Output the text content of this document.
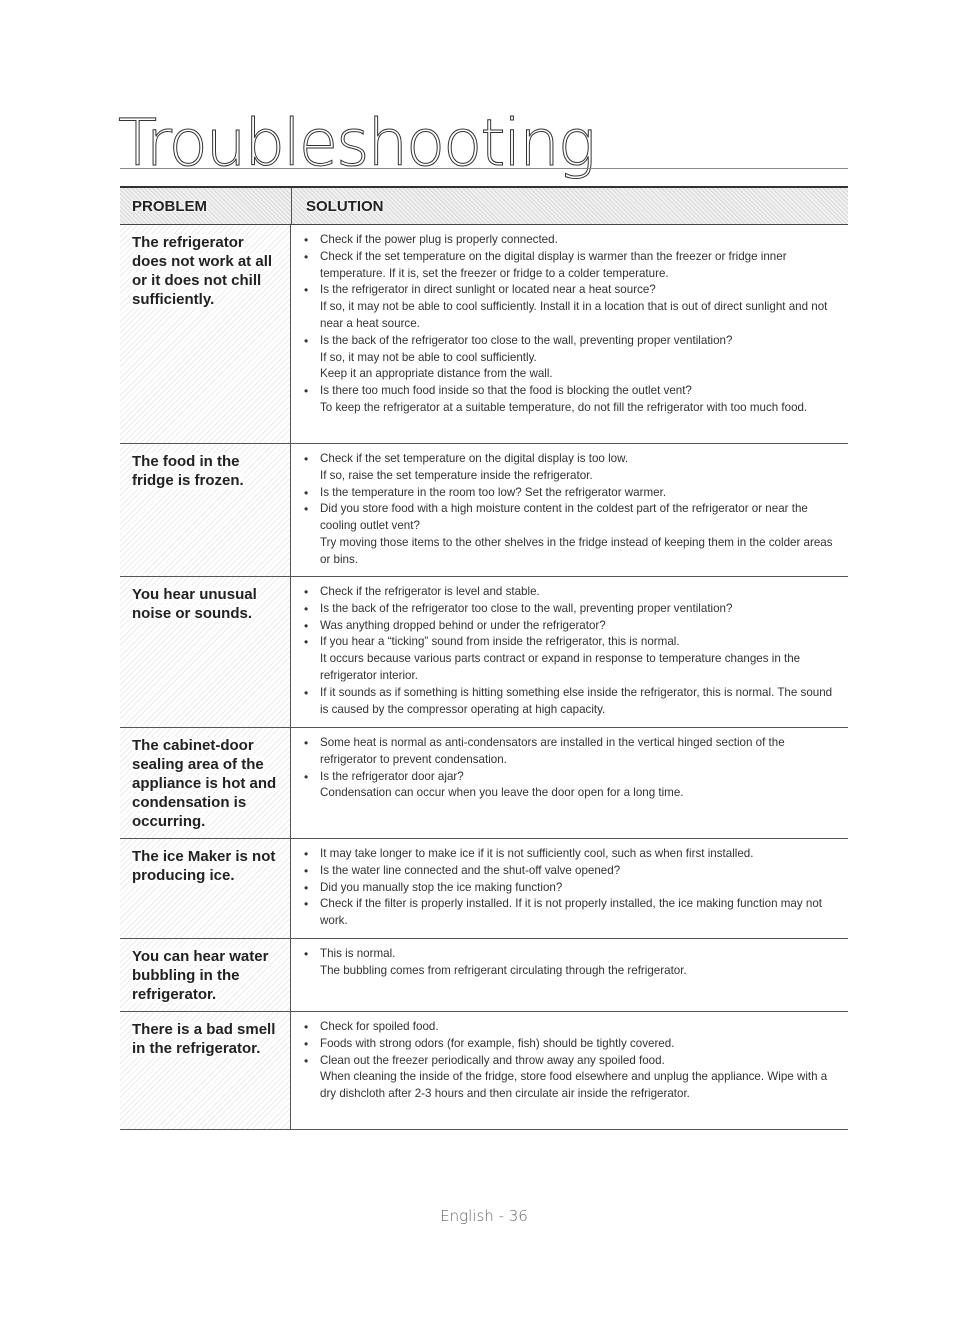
Troubleshooting
PROBLEM	SOLUTION
The refrigerator does not work at all or it does not chill sufficiently.
• Check if the power plug is properly connected.
• Check if the set temperature on the digital display is warmer than the freezer or fridge inner temperature. If it is, set the freezer or fridge to a colder temperature.
• Is the refrigerator in direct sunlight or located near a heat source?
If so, it may not be able to cool sufficiently. Install it in a location that is out of direct sunlight and not near a heat source.
• Is the back of the refrigerator too close to the wall, preventing proper ventilation?
If so, it may not be able to cool sufficiently.
Keep it an appropriate distance from the wall.
• Is there too much food inside so that the food is blocking the outlet vent?
To keep the refrigerator at a suitable temperature, do not fill the refrigerator with too much food.
The food in the fridge is frozen.
• Check if the set temperature on the digital display is too low.
If so, raise the set temperature inside the refrigerator.
• Is the temperature in the room too low? Set the refrigerator warmer.
• Did you store food with a high moisture content in the coldest part of the refrigerator or near the cooling outlet vent?
Try moving those items to the other shelves in the fridge instead of keeping them in the colder areas or bins.
You hear unusual noise or sounds.
• Check if the refrigerator is level and stable.
• Is the back of the refrigerator too close to the wall, preventing proper ventilation?
• Was anything dropped behind or under the refrigerator?
• If you hear a “ticking” sound from inside the refrigerator, this is normal.
It occurs because various parts contract or expand in response to temperature changes in the refrigerator interior.
• If it sounds as if something is hitting something else inside the refrigerator, this is normal. The sound is caused by the compressor operating at high capacity.
The cabinet-door sealing area of the appliance is hot and condensation is occurring.
• Some heat is normal as anti-condensators are installed in the vertical hinged section of the refrigerator to prevent condensation.
• Is the refrigerator door ajar?
Condensation can occur when you leave the door open for a long time.
The ice Maker is not producing ice.
• It may take longer to make ice if it is not sufficiently cool, such as when first installed.
• Is the water line connected and the shut-off valve opened?
• Did you manually stop the ice making function?
• Check if the filter is properly installed. If it is not properly installed, the ice making function may not work.
You can hear water bubbling in the refrigerator.
• This is normal.
The bubbling comes from refrigerant circulating through the refrigerator.
There is a bad smell in the refrigerator.
• Check for spoiled food.
• Foods with strong odors (for example, fish) should be tightly covered.
• Clean out the freezer periodically and throw away any spoiled food.
When cleaning the inside of the fridge, store food elsewhere and unplug the appliance. Wipe with a dry dishcloth after 2-3 hours and then circulate air inside the refrigerator.
English - 36
